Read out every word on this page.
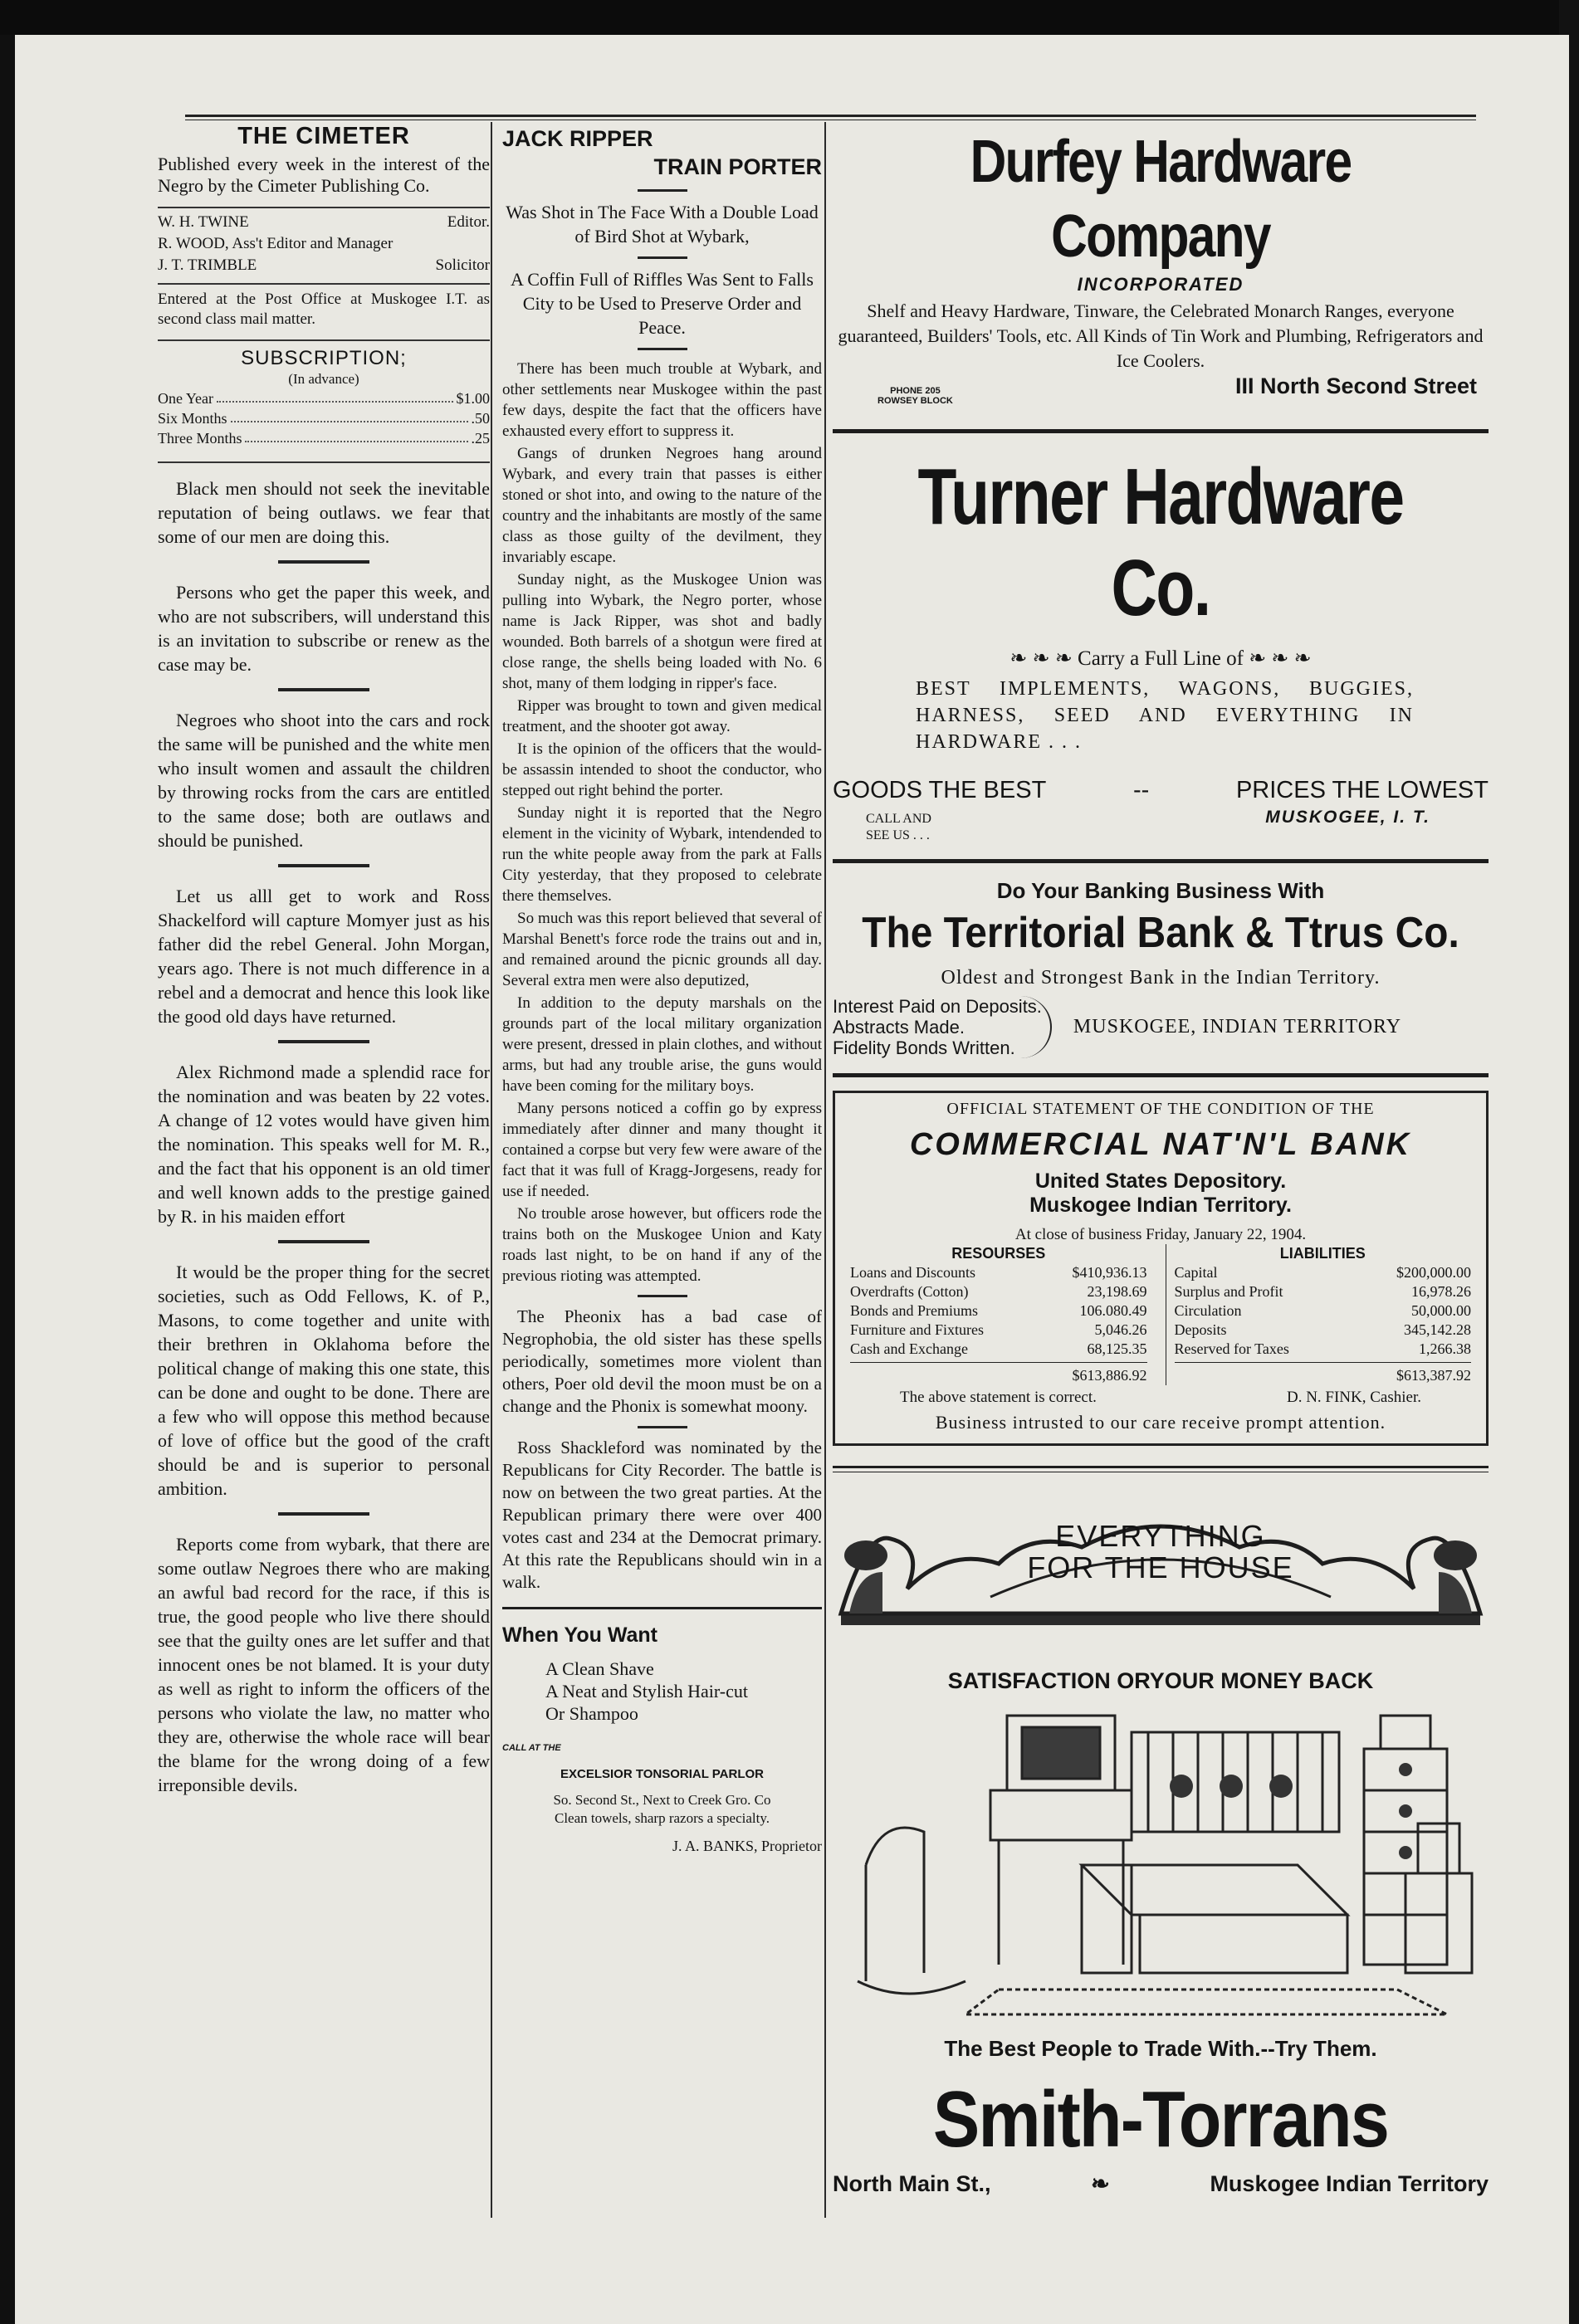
THE CIMETER
Published every week in the interest of the Negro by the Cimeter Publishing Co.
W. H. TWINE	Editor.
R. WOOD, Ass't Editor and Manager
J. T. TRIMBLE	Solicitor
Entered at the Post Office at Muskogee I.T. as second class mail matter.
SUBSCRIPTION;
(In advance)
One Year	$1.00
Six Months	.50
Three Months	.25

Black men should not seek the inevitable reputation of being outlaws. we fear that some of our men are doing this.

Persons who get the paper this week, and who are not subscribers, will understand this is an invitation to subscribe or renew as the case may be.

Negroes who shoot into the cars and rock the same will be punished and the white men who insult women and assault the children by throwing rocks from the cars are entitled to the same dose; both are outlaws and should be punished.

Let us alll get to work and Ross Shackelford will capture Momyer just as his father did the rebel General. John Morgan, years ago. There is not much difference in a rebel and a democrat and hence this look like the good old days have returned.

Alex Richmond made a splendid race for the nomination and was beaten by 22 votes. A change of 12 votes would have given him the nomination. This speaks well for M. R., and the fact that his opponent is an old timer and well known adds to the prestige gained by R. in his maiden effort

It would be the proper thing for the secret societies, such as Odd Fellows, K. of P., Masons, to come together and unite with their brethren in Oklahoma before the political change of making this one state, this can be done and ought to be done. There are a few who will oppose this method because of love of office but the good of the craft should be and is superior to personal ambition.

Reports come from wybark, that there are some outlaw Negroes there who are making an awful bad record for the race, if this is true, the good people who live there should see that the guilty ones are let suffer and that innocent ones be not blamed. It is your duty as well as right to inform the officers of the persons who violate the law, no matter who they are, otherwise the whole race will bear the blame for the wrong doing of a few irreponsible devils.

JACK RIPPER
TRAIN PORTER
Was Shot in The Face With a Double Load of Bird Shot at Wybark,
A Coffin Full of Riffles Was Sent to Falls City to be Used to Preserve Order and Peace.

There has been much trouble at Wybark, and other settlements near Muskogee within the past few days, despite the fact that the officers have exhausted every effort to suppress it.

Gangs of drunken Negroes hang around Wybark, and every train that passes is either stoned or shot into, and owing to the nature of the country and the inhabitants are mostly of the same class as those guilty of the devilment, they invariably escape.

Sunday night, as the Muskogee Union was pulling into Wybark, the Negro porter, whose name is Jack Ripper, was shot and badly wounded. Both barrels of a shotgun were fired at close range, the shells being loaded with No. 6 shot, many of them lodging in ripper's face.

Ripper was brought to town and given medical treatment, and the shooter got away.

It is the opinion of the officers that the would-be assassin intended to shoot the conductor, who stepped out right behind the porter.

Sunday night it is reported that the Negro element in the vicinity of Wybark, intendended to run the white people away from the park at Falls City yesterday, that they proposed to celebrate there themselves.

So much was this report believed that several of Marshal Benett's force rode the trains out and in, and remained around the picnic grounds all day. Several extra men were also deputized,

In addition to the deputy marshals on the grounds part of the local military organization were present, dressed in plain clothes, and without arms, but had any trouble arise, the guns would have been coming for the military boys.

Many persons noticed a coffin go by express immediately after dinner and many thought it contained a corpse but very few were aware of the fact that it was full of Kragg-Jorgesens, ready for use if needed.

No trouble arose however, but officers rode the trains both on the Muskogee Union and Katy roads last night, to be on hand if any of the previous rioting was attempted.

The Pheonix has a bad case of Negrophobia, the old sister has these spells periodically, sometimes more violent than others, Poer old devil the moon must be on a change and the Phonix is somewhat moony.

Ross Shackleford was nominated by the Republicans for City Recorder. The battle is now on between the two great parties. At the Republican primary there were over 400 votes cast and 234 at the Democrat primary. At this rate the Republicans should win in a walk.

When You Want
A Clean Shave
A Neat and Stylish Hair-cut
Or Shampoo
CALL AT THE
EXCELSIOR TONSORIAL PARLOR
So. Second St., Next to Creek Gro. Co
Clean towels, sharp razors a specialty.
J. A. BANKS, Proprietor
Durfey Hardware Company
INCORPORATED
Shelf and Heavy Hardware, Tinware, the Celebrated Monarch Ranges, everyone guaranteed, Builders' Tools, etc. All Kinds of Tin Work and Plumbing, Refrigerators and Ice Coolers.
PHONE 205
ROWSEY BLOCK
III North Second Street
Turner Hardware Co.
❧ ❧ ❧ Carry a Full Line of ❧ ❧ ❧
BEST IMPLEMENTS, WAGONS, BUGGIES, HARNESS, SEED AND EVERYTHING IN HARDWARE . . .
GOODS THE BEST	--	PRICES THE LOWEST
CALL AND SEE US . . .
MUSKOGEE, I. T.
Do Your Banking Business With
The Territorial Bank & Ttrus Co.
Oldest and Strongest Bank in the Indian Territory.
Interest Paid on Deposits.
Abstracts Made.
Fidelity Bonds Written.
MUSKOGEE, INDIAN TERRITORY
OFFICIAL STATEMENT OF THE CONDITION OF THE
COMMERCIAL NAT'N'L BANK
United States Depository.
Muskogee Indian Territory.
At close of business Friday, January 22, 1904.
RESOURSES
Loans and Discounts	$410,936.13
Overdrafts (Cotton)	23,198.69
Bonds and Premiums	106.080.49
Furniture and Fixtures	5,046.26
Cash and Exchange	68,125.35
$613,886.92
LIABILITIES
Capital	$200,000.00
Surplus and Profit	16,978.26
Circulation	50,000.00
Deposits	345,142.28
Reserved for Taxes	1,266.38
$613,387.92
The above statement is correct.	D. N. FINK, Cashier.
Business intrusted to our care receive prompt attention.
EVERYTHING
FOR THE HOUSE
SATISFACTION ORYOUR MONEY BACK
The Best People to Trade With.--Try Them.
Smith-Torrans
North Main St.,	❧	Muskogee Indian Territory
